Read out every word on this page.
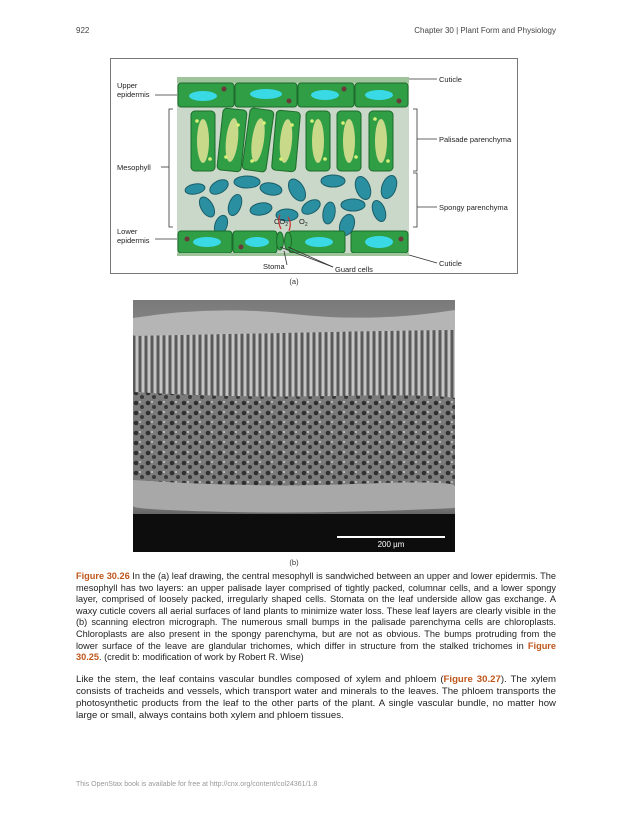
922	Chapter 30 | Plant Form and Physiology
Upper
epidermis
Mesophyll
Lower
epidermis
Cuticle
Palisade parenchyma
Spongy parenchyma
Cuticle
$CO_2$ $O_2$
Stoma	Guard cells
(a)
200 µm
(b)
Figure 30.26 In the (a) leaf drawing, the central mesophyll is sandwiched between an upper and lower epidermis. The mesophyll has two layers: an upper palisade layer comprised of tightly packed, columnar cells, and a lower spongy layer, comprised of loosely packed, irregularly shaped cells. Stomata on the leaf underside allow gas exchange. A waxy cuticle covers all aerial surfaces of land plants to minimize water loss. These leaf layers are clearly visible in the (b) scanning electron micrograph. The numerous small bumps in the palisade parenchyma cells are chloroplasts. Chloroplasts are also present in the spongy parenchyma, but are not as obvious. The bumps protruding from the lower surface of the leave are glandular trichomes, which differ in structure from the stalked trichomes in Figure 30.25. (credit b: modification of work by Robert R. Wise)
Like the stem, the leaf contains vascular bundles composed of xylem and phloem (Figure 30.27). The xylem consists of tracheids and vessels, which transport water and minerals to the leaves. The phloem transports the photosynthetic products from the leaf to the other parts of the plant. A single vascular bundle, no matter how large or small, always contains both xylem and phloem tissues.
This OpenStax book is available for free at http://cnx.org/content/col24361/1.8
